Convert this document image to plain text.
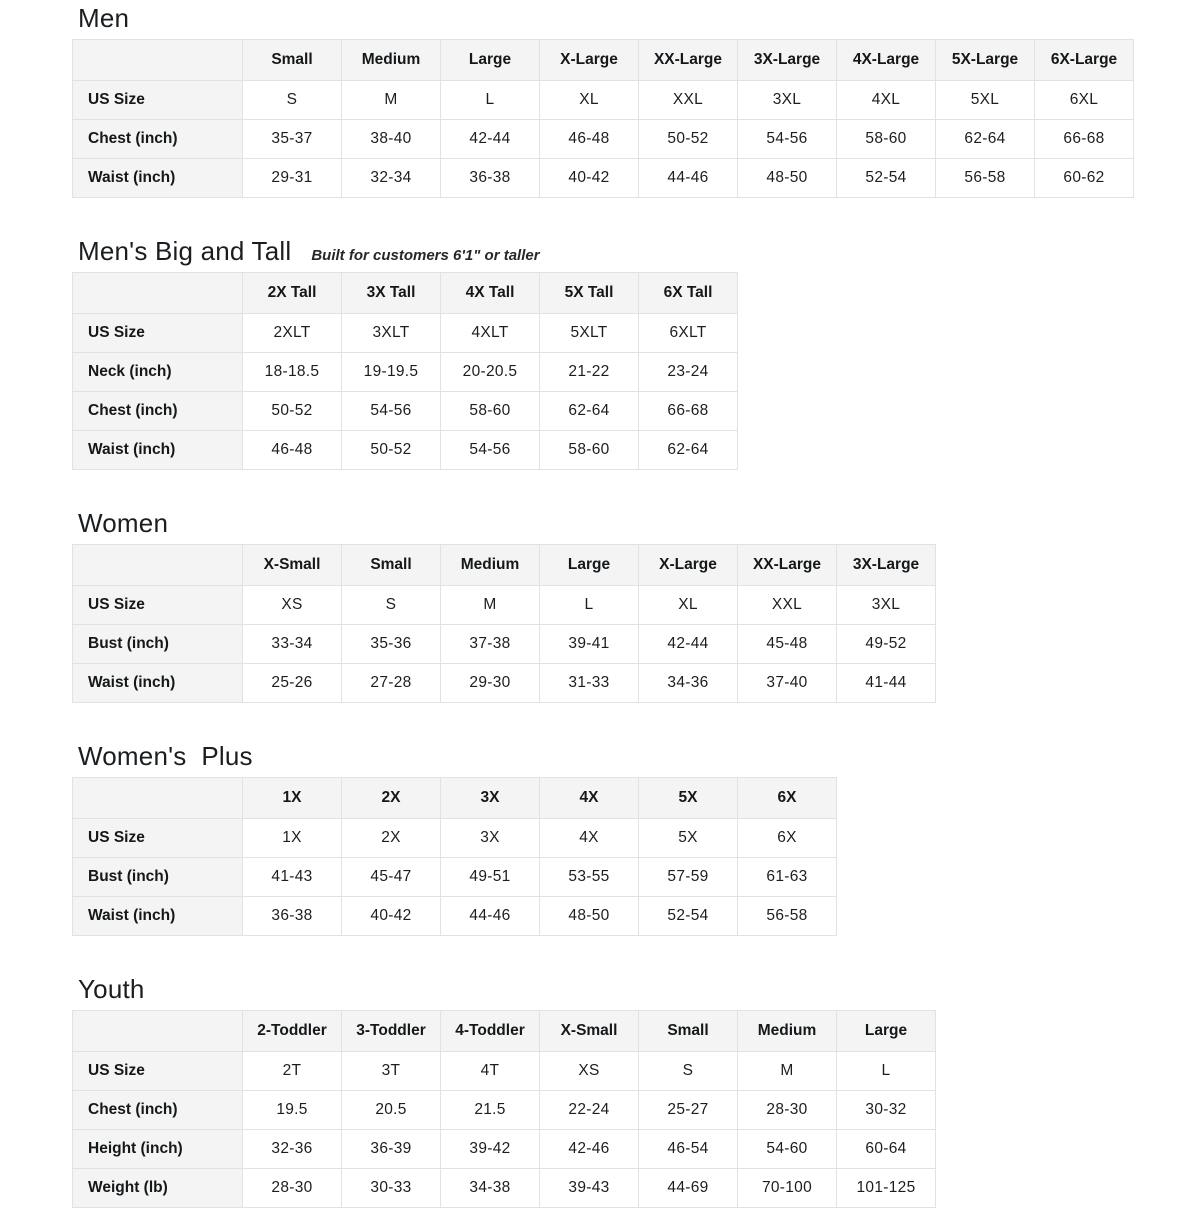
Men
	Small	Medium	Large	X-Large	XX-Large	3X-Large	4X-Large	5X-Large	6X-Large
US Size	S	M	L	XL	XXL	3XL	4XL	5XL	6XL
Chest (inch)	35-37	38-40	42-44	46-48	50-52	54-56	58-60	62-64	66-68
Waist (inch)	29-31	32-34	36-38	40-42	44-46	48-50	52-54	56-58	60-62
Men's Big and Tall Built for customers 6'1" or taller
	2X Tall	3X Tall	4X Tall	5X Tall	6X Tall
US Size	2XLT	3XLT	4XLT	5XLT	6XLT
Neck (inch)	18-18.5	19-19.5	20-20.5	21-22	23-24
Chest (inch)	50-52	54-56	58-60	62-64	66-68
Waist (inch)	46-48	50-52	54-56	58-60	62-64
Women
	X-Small	Small	Medium	Large	X-Large	XX-Large	3X-Large
US Size	XS	S	M	L	XL	XXL	3XL
Bust (inch)	33-34	35-36	37-38	39-41	42-44	45-48	49-52
Waist (inch)	25-26	27-28	29-30	31-33	34-36	37-40	41-44
Women's  Plus
	1X	2X	3X	4X	5X	6X
US Size	1X	2X	3X	4X	5X	6X
Bust (inch)	41-43	45-47	49-51	53-55	57-59	61-63
Waist (inch)	36-38	40-42	44-46	48-50	52-54	56-58
Youth
	2-Toddler	3-Toddler	4-Toddler	X-Small	Small	Medium	Large
US Size	2T	3T	4T	XS	S	M	L
Chest (inch)	19.5	20.5	21.5	22-24	25-27	28-30	30-32
Height (inch)	32-36	36-39	39-42	42-46	46-54	54-60	60-64
Weight (lb)	28-30	30-33	34-38	39-43	44-69	70-100	101-125
